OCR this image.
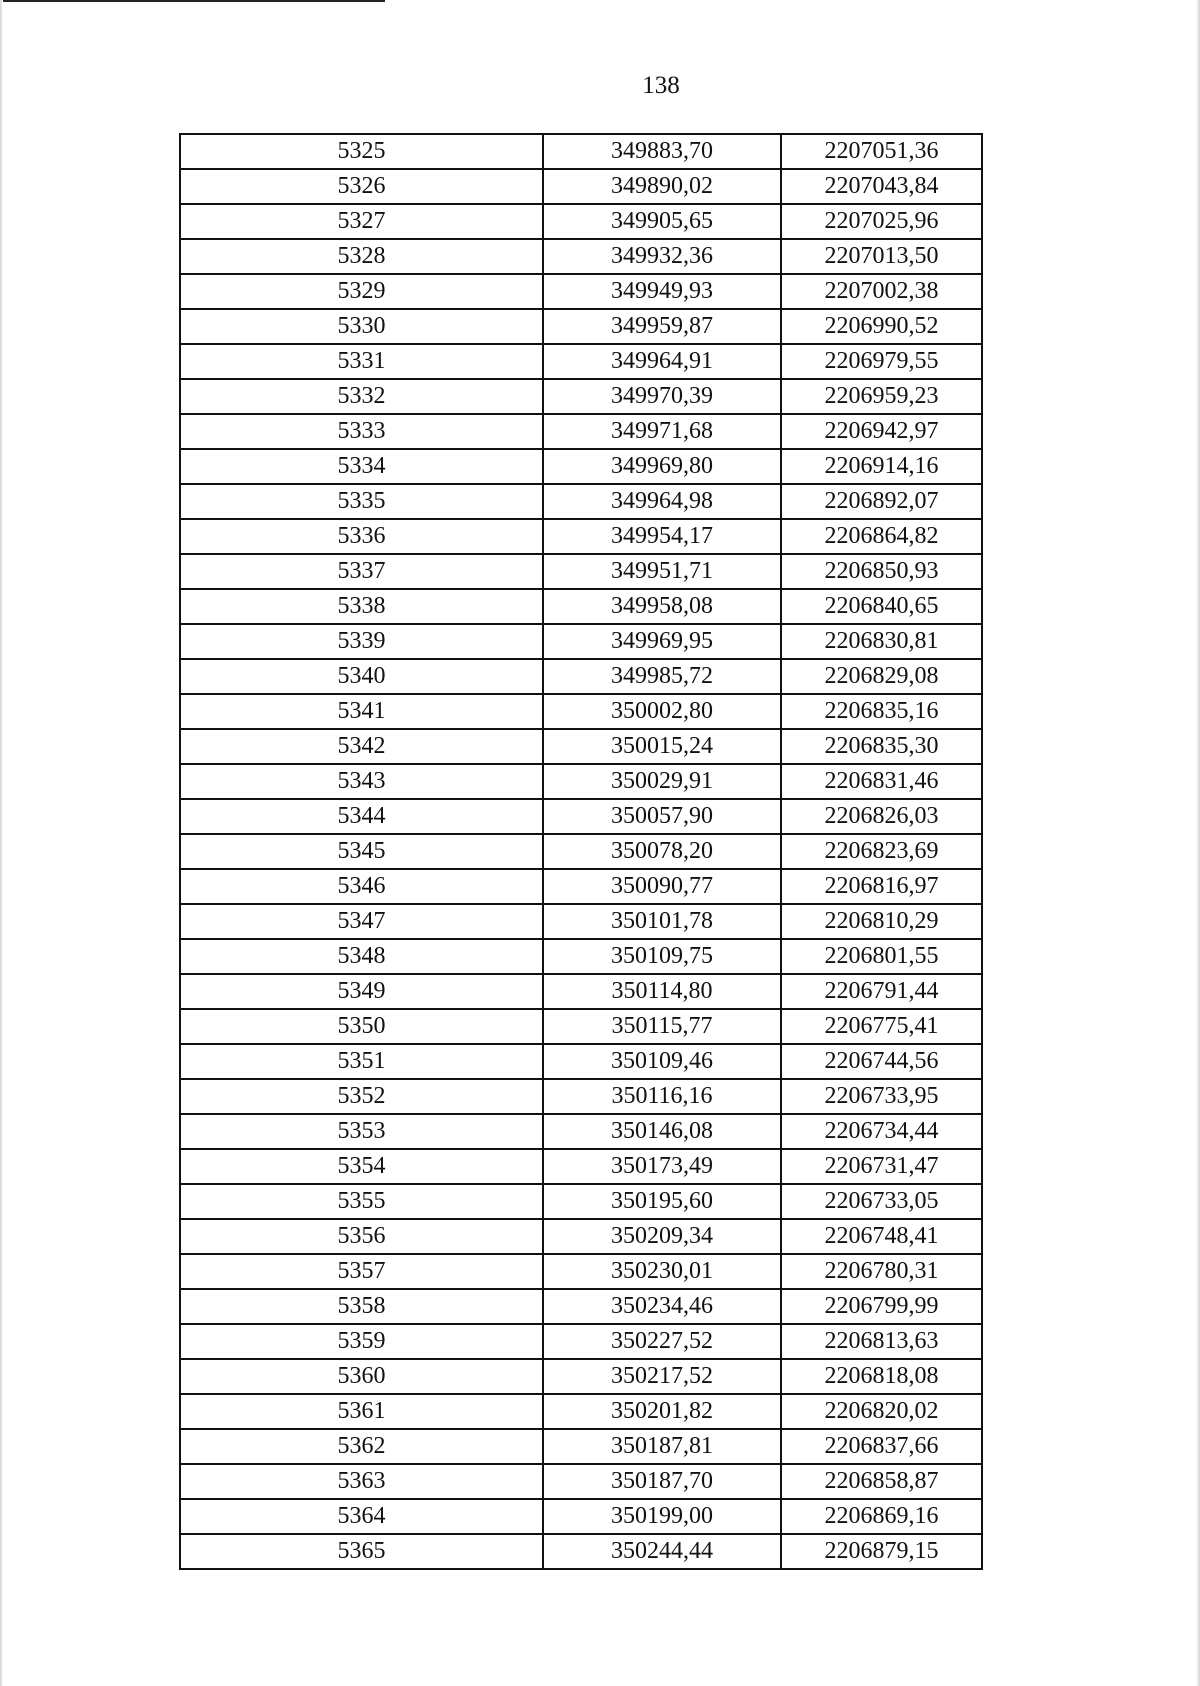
138
5325	349883,70	2207051,36
5326	349890,02	2207043,84
5327	349905,65	2207025,96
5328	349932,36	2207013,50
5329	349949,93	2207002,38
5330	349959,87	2206990,52
5331	349964,91	2206979,55
5332	349970,39	2206959,23
5333	349971,68	2206942,97
5334	349969,80	2206914,16
5335	349964,98	2206892,07
5336	349954,17	2206864,82
5337	349951,71	2206850,93
5338	349958,08	2206840,65
5339	349969,95	2206830,81
5340	349985,72	2206829,08
5341	350002,80	2206835,16
5342	350015,24	2206835,30
5343	350029,91	2206831,46
5344	350057,90	2206826,03
5345	350078,20	2206823,69
5346	350090,77	2206816,97
5347	350101,78	2206810,29
5348	350109,75	2206801,55
5349	350114,80	2206791,44
5350	350115,77	2206775,41
5351	350109,46	2206744,56
5352	350116,16	2206733,95
5353	350146,08	2206734,44
5354	350173,49	2206731,47
5355	350195,60	2206733,05
5356	350209,34	2206748,41
5357	350230,01	2206780,31
5358	350234,46	2206799,99
5359	350227,52	2206813,63
5360	350217,52	2206818,08
5361	350201,82	2206820,02
5362	350187,81	2206837,66
5363	350187,70	2206858,87
5364	350199,00	2206869,16
5365	350244,44	2206879,15
